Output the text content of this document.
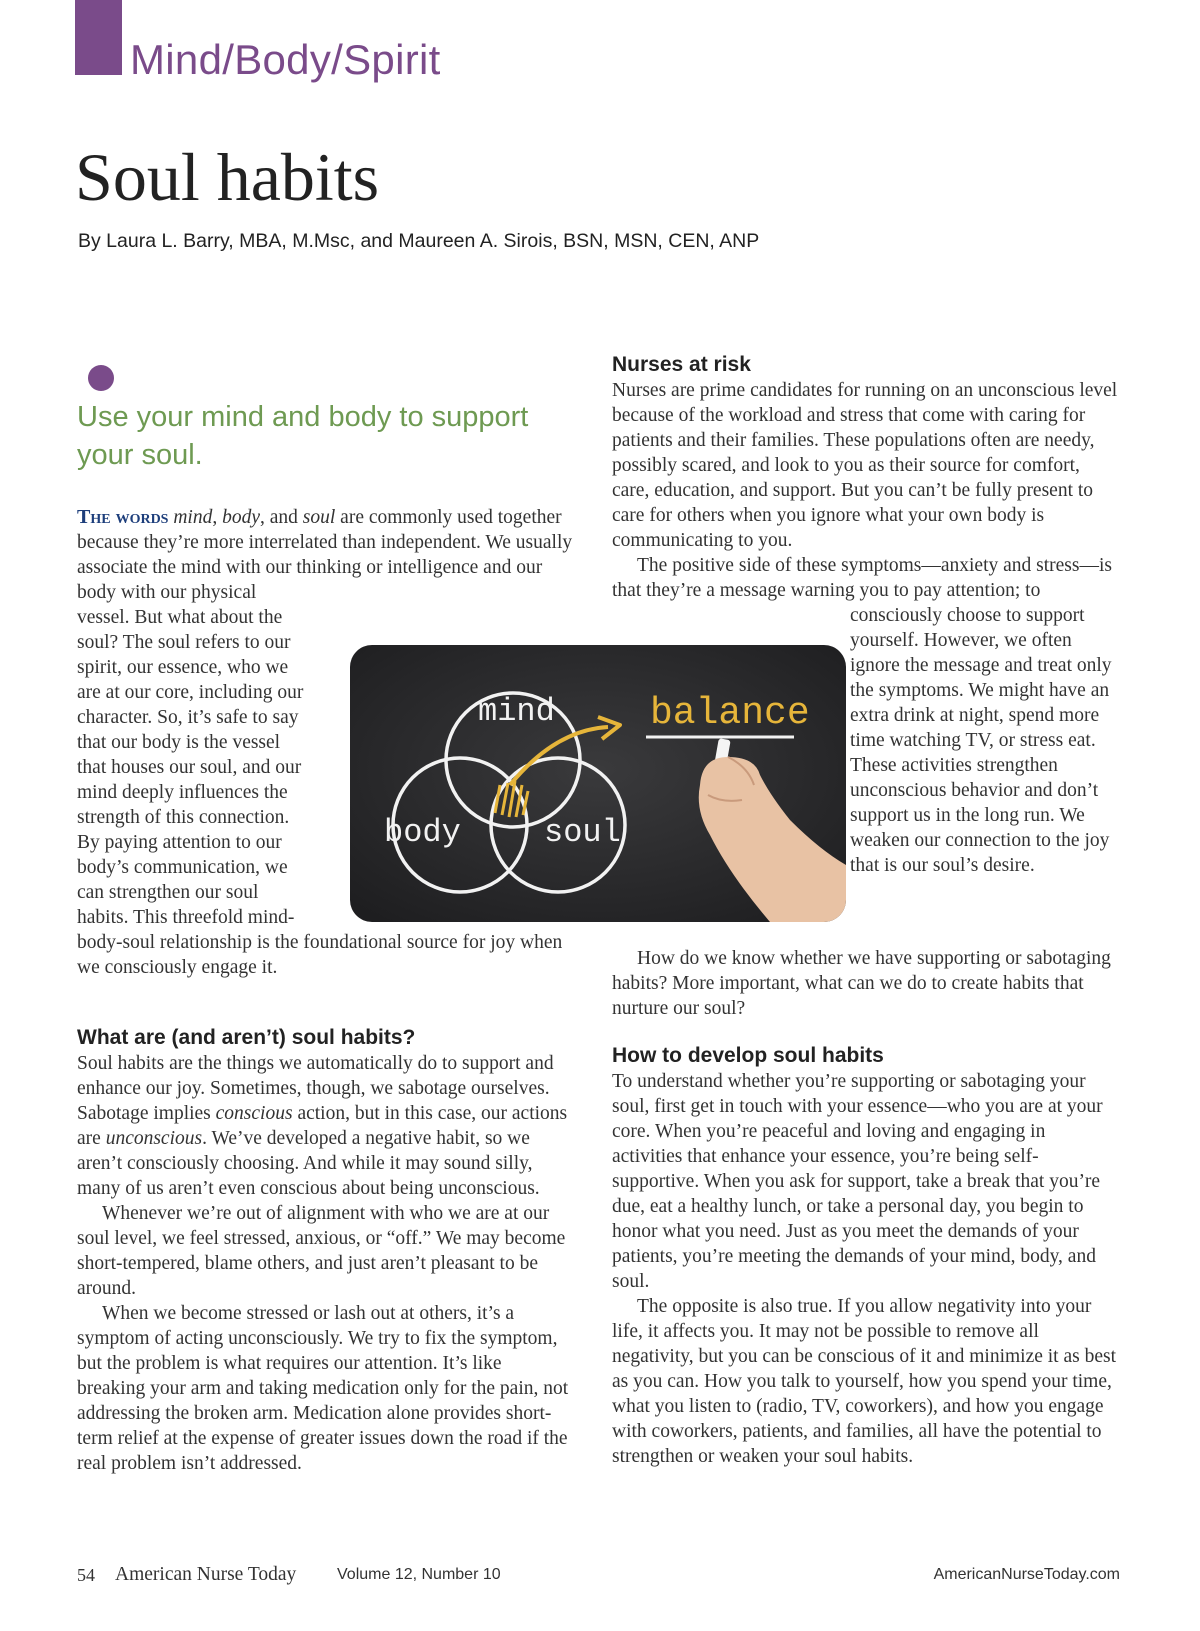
Mind/Body/Spirit
Soul habits
By Laura L. Barry, MBA, M.Msc, and Maureen A. Sirois, BSN, MSN, CEN, ANP

Use your mind and body to support your soul.

The words mind, body, and soul are commonly used together because they’re more interrelated than independent. We usually associate the mind with our thinking or intelligence and our body with our physical vessel. But what about the soul? The soul refers to our spirit, our essence, who we are at our core, including our character. So, it’s safe to say that our body is the vessel that houses our soul, and our mind deeply influences the strength of this connection. By paying attention to our body’s communication, we can strengthen our soul habits. This threefold mind-body-soul relationship is the foundational source for joy when we consciously engage it.

What are (and aren’t) soul habits?

Soul habits are the things we automatically do to support and enhance our joy. Sometimes, though, we sabotage ourselves. Sabotage implies conscious action, but in this case, our actions are unconscious. We’ve developed a negative habit, so we aren’t consciously choosing. And while it may sound silly, many of us aren’t even conscious about being unconscious.

Whenever we’re out of alignment with who we are at our soul level, we feel stressed, anxious, or “off.” We may become short-tempered, blame others, and just aren’t pleasant to be around.

When we become stressed or lash out at others, it’s a symptom of acting unconsciously. We try to fix the symptom, but the problem is what requires our attention. It’s like breaking your arm and taking medication only for the pain, not addressing the broken arm. Medication alone provides short-term relief at the expense of greater issues down the road if the real problem isn’t addressed.

Nurses at risk

Nurses are prime candidates for running on an unconscious level because of the workload and stress that come with caring for patients and their families. These populations often are needy, possibly scared, and look to you as their source for comfort, care, education, and support. But you can’t be fully present to care for others when you ignore what your own body is communicating to you.

The positive side of these symptoms—anxiety and stress—is that they’re a message warning you to pay attention; to consciously choose to support yourself. However, we often ignore the message and treat only the symptoms. We might have an extra drink at night, spend more time watching TV, or stress eat. These activities strengthen unconscious behavior and don’t support us in the long run. We weaken our connection to the joy that is our soul’s desire.

How do we know whether we have supporting or sabotaging habits? More important, what can we do to create habits that nurture our soul?

How to develop soul habits

To understand whether you’re supporting or sabotaging your soul, first get in touch with your essence—who you are at your core. When you’re peaceful and loving and engaging in activities that enhance your essence, you’re being self-supportive. When you ask for support, take a break that you’re due, eat a healthy lunch, or take a personal day, you begin to honor what you need. Just as you meet the demands of your patients, you’re meeting the demands of your mind, body, and soul.

The opposite is also true. If you allow negativity into your life, it affects you. It may not be possible to remove all negativity, but you can be conscious of it and minimize it as best as you can. How you talk to yourself, how you spend your time, what you listen to (radio, TV, coworkers), and how you engage with coworkers, patients, and families, all have the potential to strengthen or weaken your soul habits.

mind
body	soul
balance
54 American Nurse Today	Volume 12, Number 10	AmericanNurseToday.com
